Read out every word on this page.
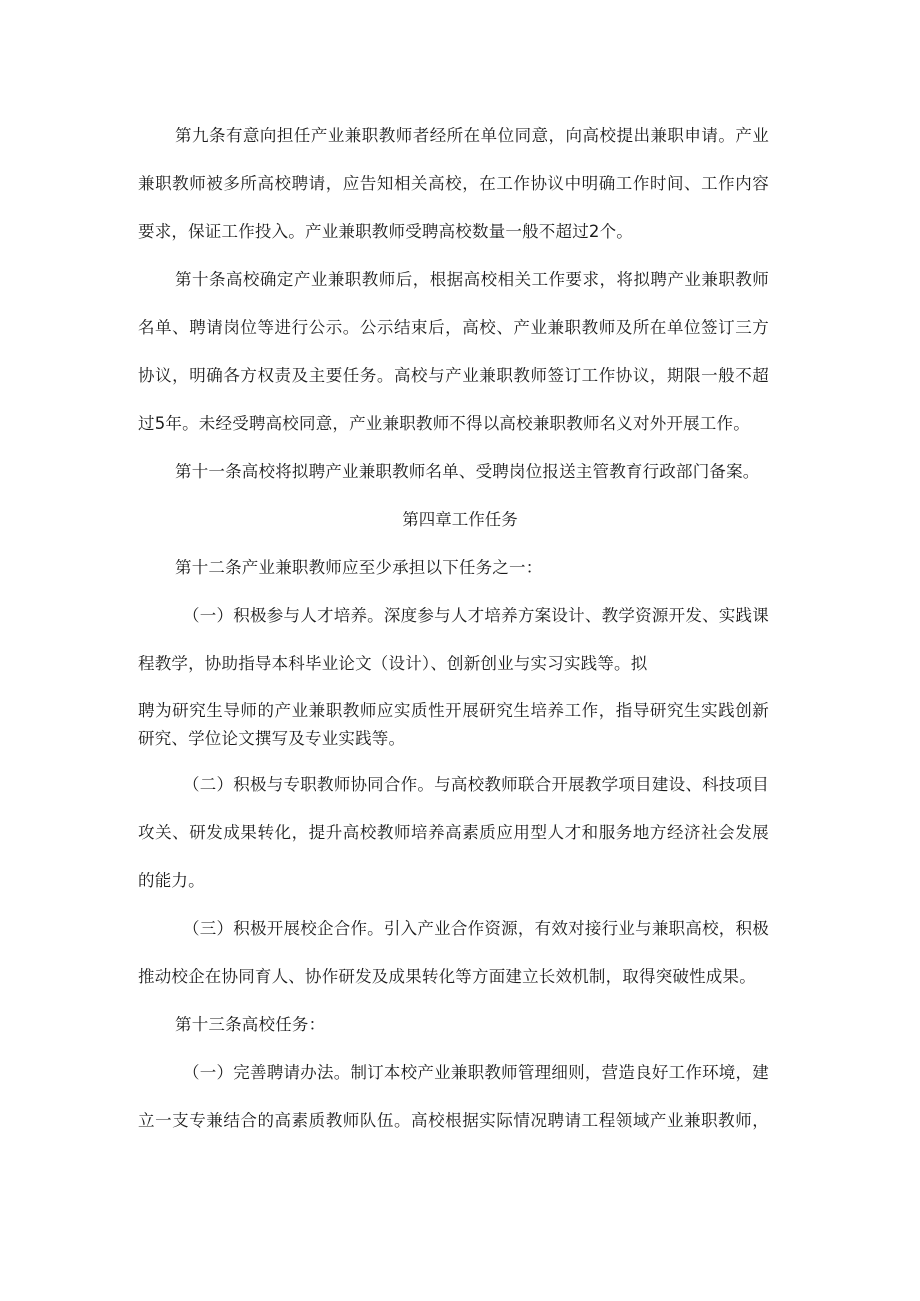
第九条有意向担任产业兼职教师者经所在单位同意，向高校提出兼职申请。产业
兼职教师被多所高校聘请，应告知相关高校，在工作协议中明确工作时间、工作内容
要求，保证工作投入。产业兼职教师受聘高校数量一般不超过2个。
第十条高校确定产业兼职教师后，根据高校相关工作要求，将拟聘产业兼职教师
名单、聘请岗位等进行公示。公示结束后，高校、产业兼职教师及所在单位签订三方
协议，明确各方权责及主要任务。高校与产业兼职教师签订工作协议，期限一般不超
过5年。未经受聘高校同意，产业兼职教师不得以高校兼职教师名义对外开展工作。
第十一条高校将拟聘产业兼职教师名单、受聘岗位报送主管教育行政部门备案。
第四章工作任务
第十二条产业兼职教师应至少承担以下任务之一：
（一）积极参与人才培养。深度参与人才培养方案设计、教学资源开发、实践课
程教学，协助指导本科毕业论文（设计）、创新创业与实习实践等。拟
聘为研究生导师的产业兼职教师应实质性开展研究生培养工作，指导研究生实践创新
研究、学位论文撰写及专业实践等。
（二）积极与专职教师协同合作。与高校教师联合开展教学项目建设、科技项目
攻关、研发成果转化，提升高校教师培养高素质应用型人才和服务地方经济社会发展
的能力。
（三）积极开展校企合作。引入产业合作资源，有效对接行业与兼职高校，积极
推动校企在协同育人、协作研发及成果转化等方面建立长效机制，取得突破性成果。
第十三条高校任务：
（一）完善聘请办法。制订本校产业兼职教师管理细则，营造良好工作环境，建
立一支专兼结合的高素质教师队伍。高校根据实际情况聘请工程领域产业兼职教师，
